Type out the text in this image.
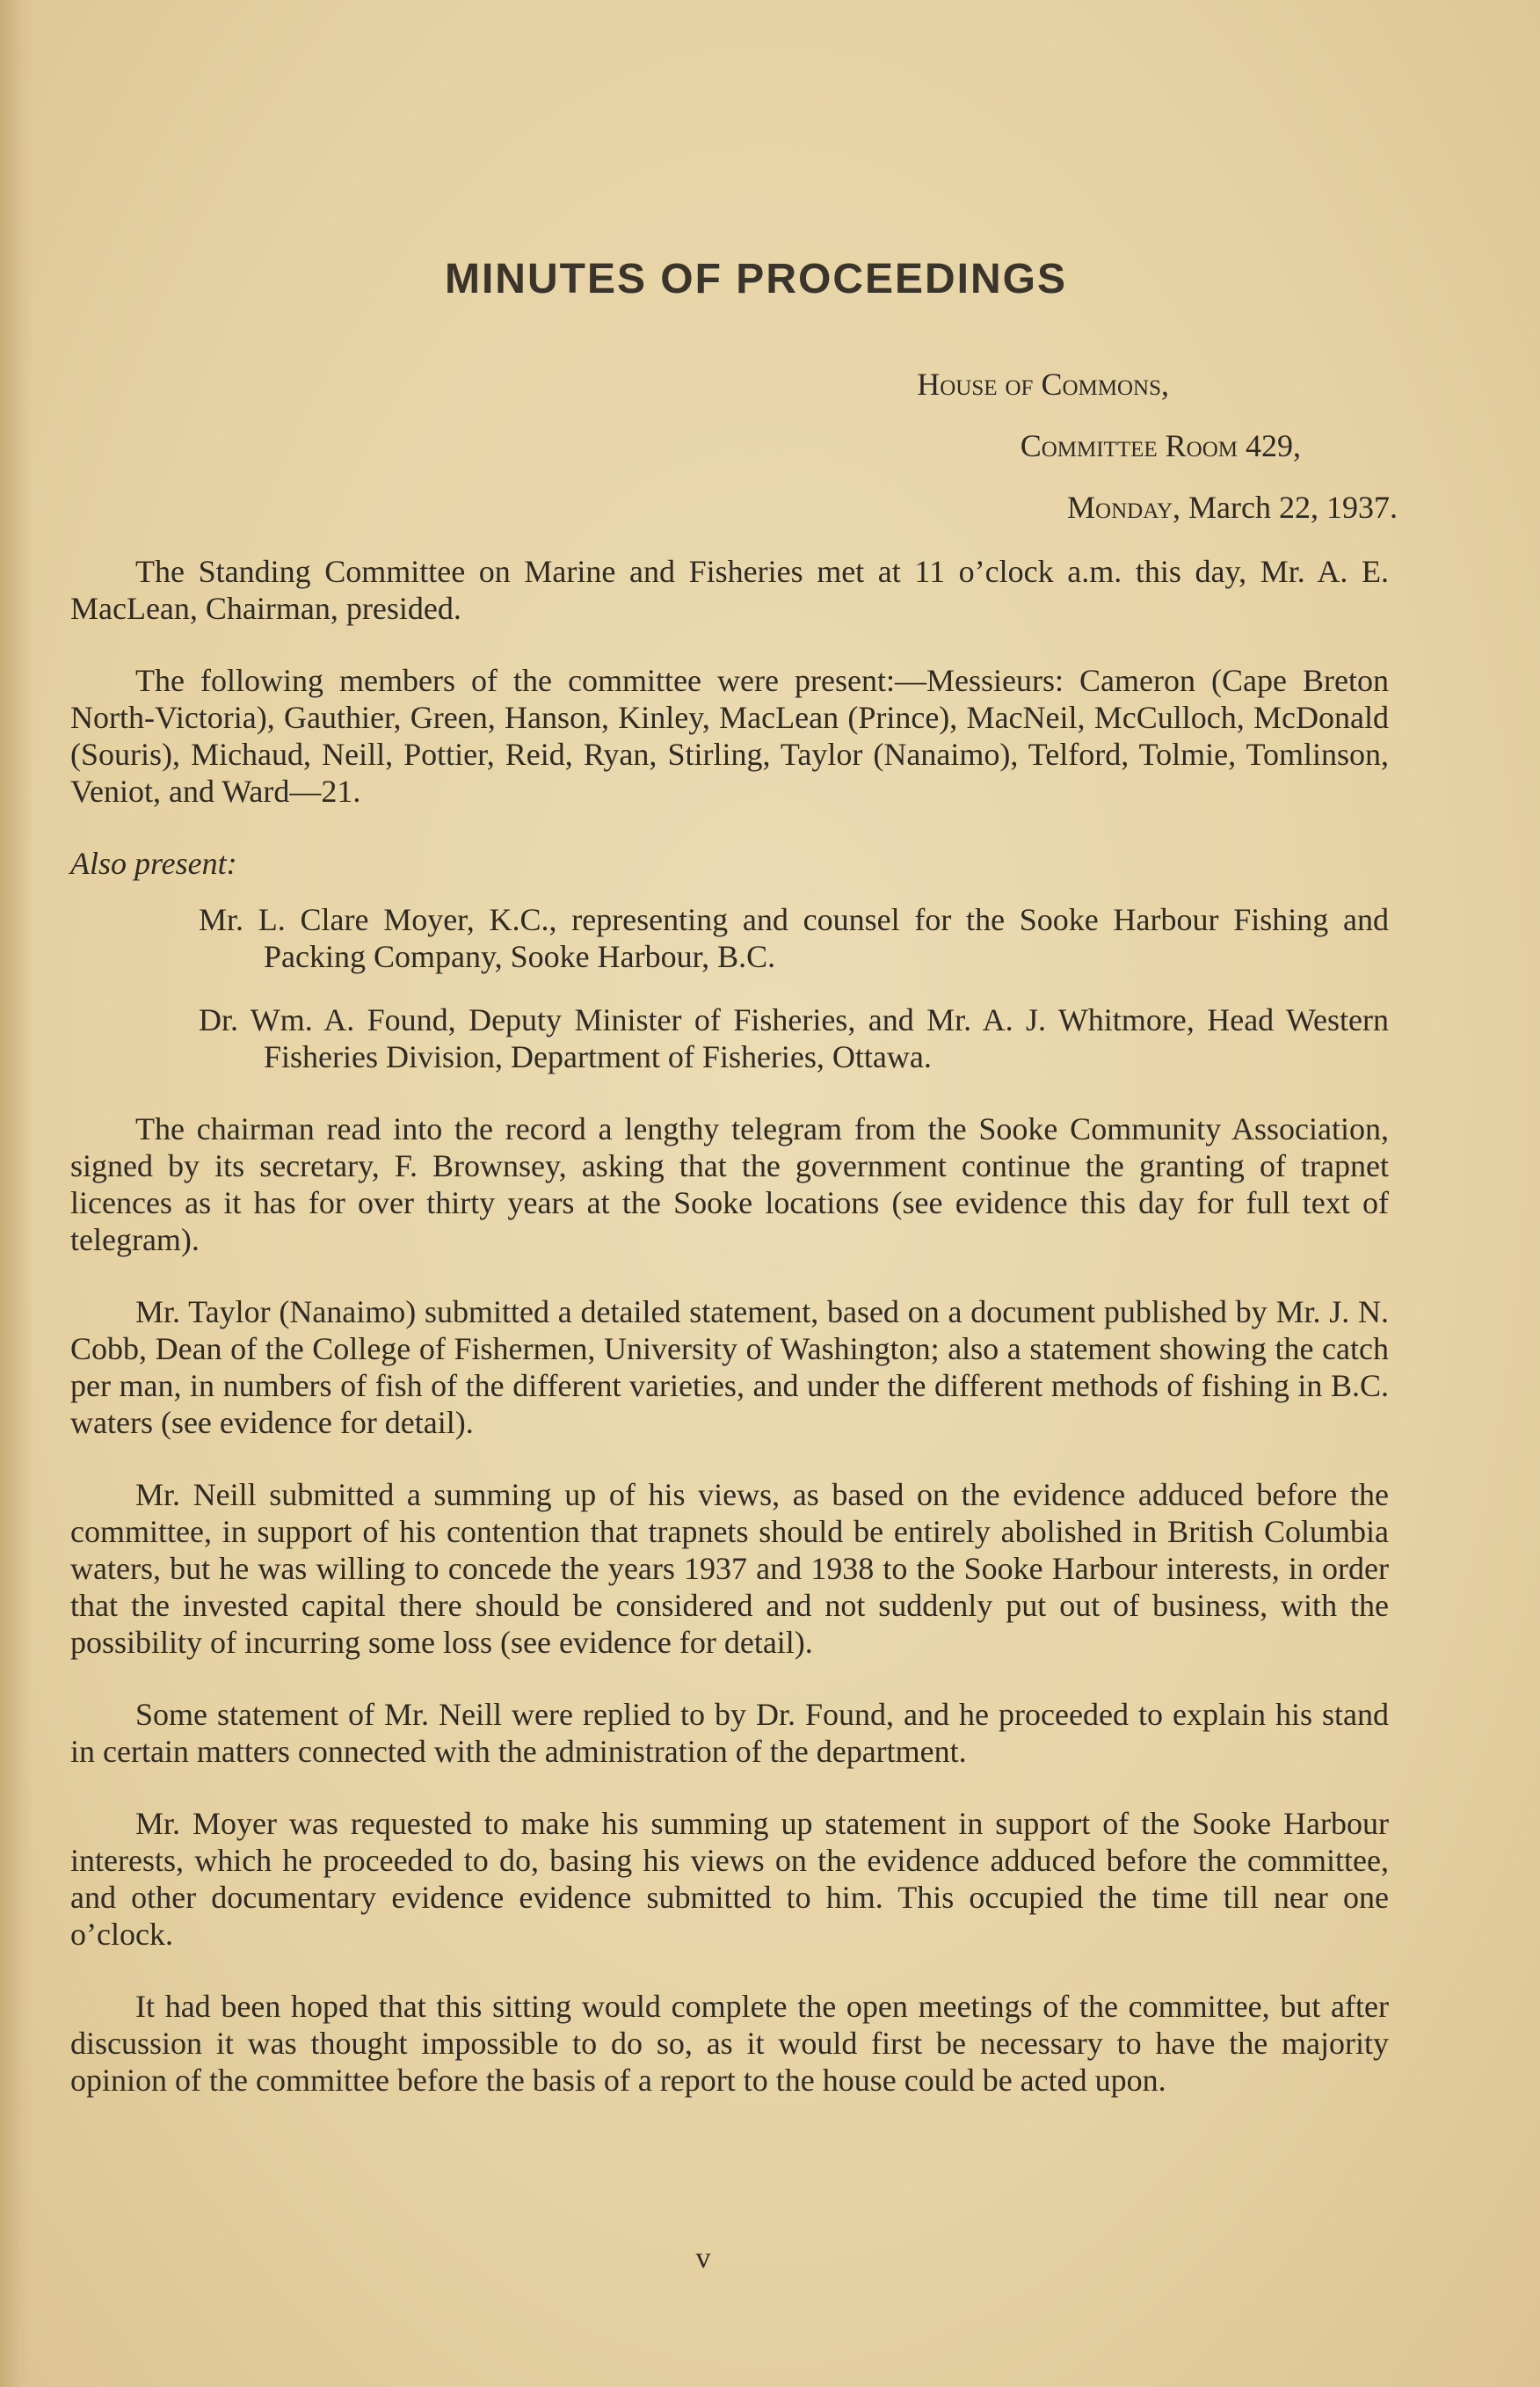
MINUTES OF PROCEEDINGS
House of Commons,
Committee Room 429,
Monday, March 22, 1937.

The Standing Committee on Marine and Fisheries met at 11 o’clock a.m. this day, Mr. A. E. MacLean, Chairman, presided.

The following members of the committee were present:—Messieurs: Cameron (Cape Breton North-Victoria), Gauthier, Green, Hanson, Kinley, MacLean (Prince), MacNeil, McCulloch, McDonald (Souris), Michaud, Neill, Pottier, Reid, Ryan, Stirling, Taylor (Nanaimo), Telford, Tolmie, Tomlinson, Veniot, and Ward—21.

Also present:
Mr. L. Clare Moyer, K.C., representing and counsel for the Sooke Harbour Fishing and Packing Company, Sooke Harbour, B.C.
Dr. Wm. A. Found, Deputy Minister of Fisheries, and Mr. A. J. Whitmore, Head Western Fisheries Division, Department of Fisheries, Ottawa.

The chairman read into the record a lengthy telegram from the Sooke Community Association, signed by its secretary, F. Brownsey, asking that the government continue the granting of trapnet licences as it has for over thirty years at the Sooke locations (see evidence this day for full text of telegram).

Mr. Taylor (Nanaimo) submitted a detailed statement, based on a document published by Mr. J. N. Cobb, Dean of the College of Fishermen, University of Washington; also a statement showing the catch per man, in numbers of fish of the different varieties, and under the different methods of fishing in B.C. waters (see evidence for detail).

Mr. Neill submitted a summing up of his views, as based on the evidence adduced before the committee, in support of his contention that trapnets should be entirely abolished in British Columbia waters, but he was willing to concede the years 1937 and 1938 to the Sooke Harbour interests, in order that the invested capital there should be considered and not suddenly put out of business, with the possibility of incurring some loss (see evidence for detail).

Some statement of Mr. Neill were replied to by Dr. Found, and he proceeded to explain his stand in certain matters connected with the administration of the department.

Mr. Moyer was requested to make his summing up statement in support of the Sooke Harbour interests, which he proceeded to do, basing his views on the evidence adduced before the committee, and other documentary evidence evidence submitted to him. This occupied the time till near one o’clock.

It had been hoped that this sitting would complete the open meetings of the committee, but after discussion it was thought impossible to do so, as it would first be necessary to have the majority opinion of the committee before the basis of a report to the house could be acted upon.

v
